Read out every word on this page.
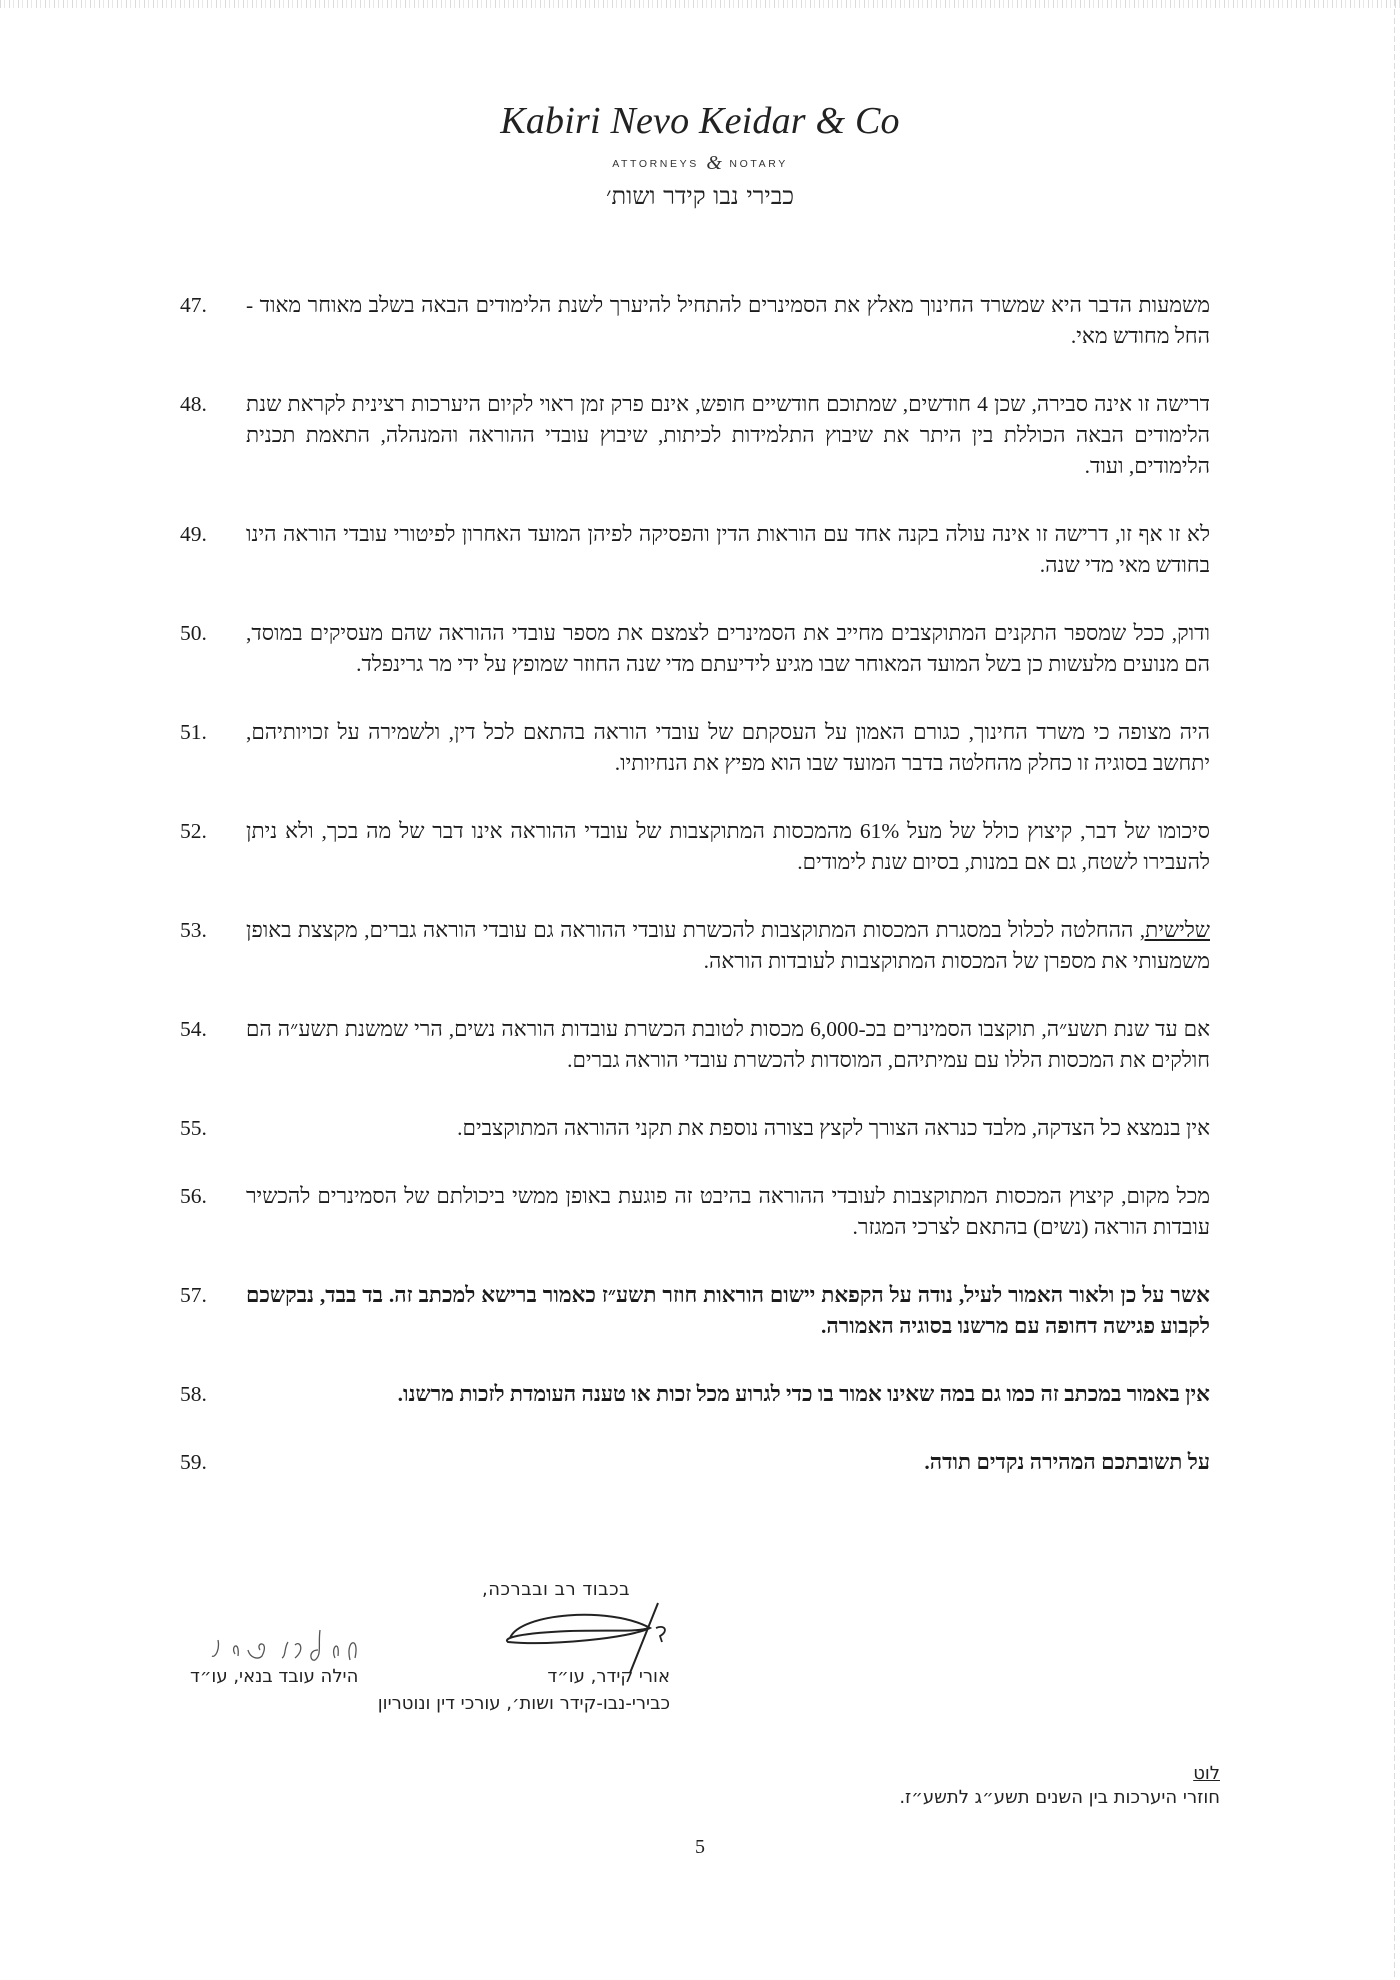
Kabiri Nevo Keidar & Co
ATTORNEYS & NOTARY
כבירי נבו קידר ושות׳
משמעות הדבר היא שמשרד החינוך מאלץ את הסמינרים להתחיל להיערך לשנת הלימודים הבאה בשלב מאוחר מאוד - החל מחודש מאי.
47.
דרישה זו אינה סבירה, שכן 4 חודשים, שמתוכם חודשיים חופש, אינם פרק זמן ראוי לקיום היערכות רצינית לקראת שנת הלימודים הבאה הכוללת בין היתר את שיבוץ התלמידות לכיתות, שיבוץ עובדי ההוראה והמנהלה, התאמת תכנית הלימודים, ועוד.
48.
לא זו אף זו, דרישה זו אינה עולה בקנה אחד עם הוראות הדין והפסיקה לפיהן המועד האחרון לפיטורי עובדי הוראה הינו בחודש מאי מדי שנה.
49.
ודוק, ככל שמספר התקנים המתוקצבים מחייב את הסמינרים לצמצם את מספר עובדי ההוראה שהם מעסיקים במוסד, הם מנועים מלעשות כן בשל המועד המאוחר שבו מגיע לידיעתם מדי שנה החוזר שמופץ על ידי מר גרינפלד.
50.
היה מצופה כי משרד החינוך, כגורם האמון על העסקתם של עובדי הוראה בהתאם לכל דין, ולשמירה על זכויותיהם, יתחשב בסוגיה זו כחלק מהחלטה בדבר המועד שבו הוא מפיץ את הנחיותיו.
51.
סיכומו של דבר, קיצוץ כולל של מעל 61% מהמכסות המתוקצבות של עובדי ההוראה אינו דבר של מה בכך, ולא ניתן להעבירו לשטח, גם אם במנות, בסיום שנת לימודים.
52.
שלישית, ההחלטה לכלול במסגרת המכסות המתוקצבות להכשרת עובדי ההוראה גם עובדי הוראה גברים, מקצצת באופן משמעותי את מספרן של המכסות המתוקצבות לעובדות הוראה.
53.
אם עד שנת תשע״ה, תוקצבו הסמינרים בכ-6,000 מכסות לטובת הכשרת עובדות הוראה נשים, הרי שמשנת תשע״ה הם חולקים את המכסות הללו עם עמיתיהם, המוסדות להכשרת עובדי הוראה גברים.
54.
אין בנמצא כל הצדקה, מלבד כנראה הצורך לקצץ בצורה נוספת את תקני ההוראה המתוקצבים.
55.
מכל מקום, קיצוץ המכסות המתוקצבות לעובדי ההוראה בהיבט זה פוגעת באופן ממשי ביכולתם של הסמינרים להכשיר עובדות הוראה (נשים) בהתאם לצרכי המגזר.
56.
אשר על כן ולאור האמור לעיל, נודה על הקפאת יישום הוראות חוזר תשע״ז כאמור ברישא למכתב זה. בד בבד, נבקשכם לקבוע פגישה דחופה עם מרשנו בסוגיה האמורה.
57.
אין באמור במכתב זה כמו גם במה שאינו אמור בו כדי לגרוע מכל זכות או טענה העומדת לזכות מרשנו.
58.
על תשובתכם המהירה נקדים תודה.
59.
בכבוד רב ובברכה,
אורי קידר, עו״ד
הילה עובד בנאי, עו״ד
כבירי-נבו-קידר ושות׳, עורכי דין ונוטריון
לוט
חוזרי היערכות בין השנים תשע״ג לתשע״ז.
5
